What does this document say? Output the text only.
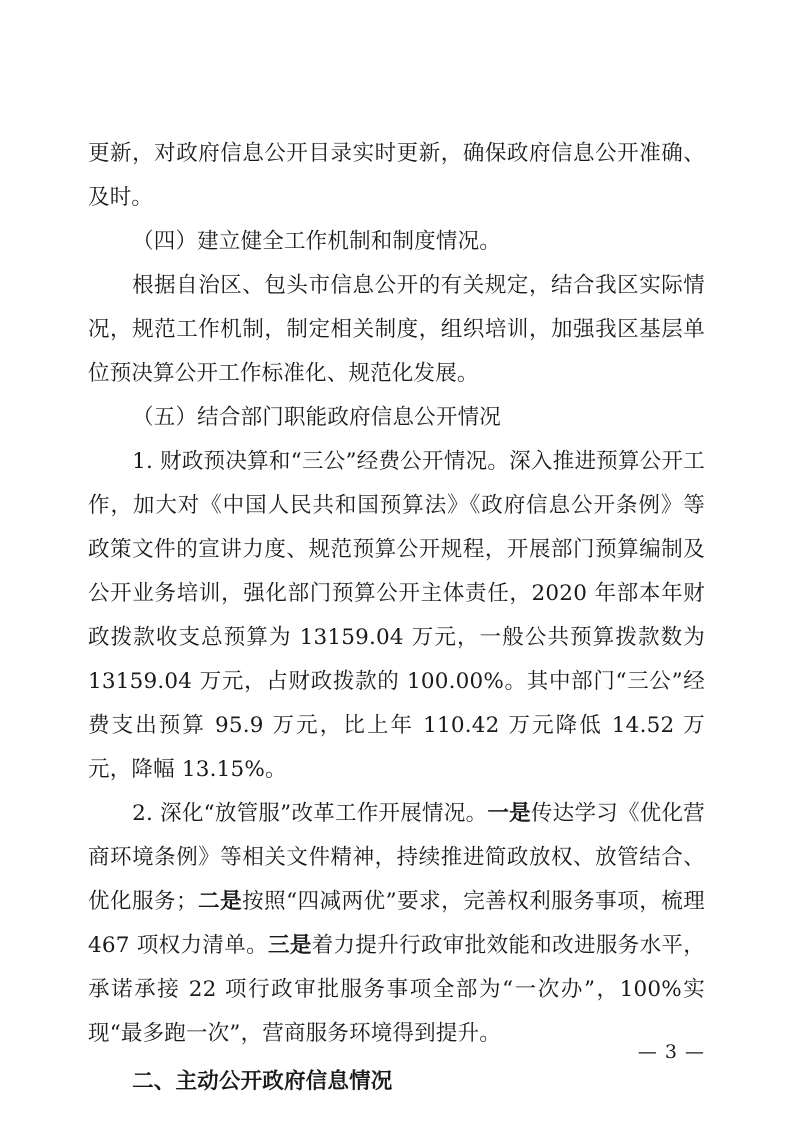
更新，对政府信息公开目录实时更新，确保政府信息公开准确、及时。

（四）建立健全工作机制和制度情况。

根据自治区、包头市信息公开的有关规定，结合我区实际情况，规范工作机制，制定相关制度，组织培训，加强我区基层单位预决算公开工作标准化、规范化发展。

（五）结合部门职能政府信息公开情况

1. 财政预决算和“三公”经费公开情况。深入推进预算公开工作，加大对《中国人民共和国预算法》《政府信息公开条例》等政策文件的宣讲力度、规范预算公开规程，开展部门预算编制及公开业务培训，强化部门预算公开主体责任，2020 年部本年财政拨款收支总预算为 13159.04 万元，一般公共预算拨款数为 13159.04 万元，占财政拨款的 100.00%。其中部门“三公”经费支出预算 95.9 万元，比上年 110.42 万元降低 14.52 万元，降幅 13.15%。

2. 深化“放管服”改革工作开展情况。一是传达学习《优化营商环境条例》等相关文件精神，持续推进简政放权、放管结合、优化服务；二是按照“四减两优”要求，完善权利服务事项，梳理 467 项权力清单。三是着力提升行政审批效能和改进服务水平，承诺承接 22 项行政审批服务事项全部为“一次办”，100%实现“最多跑一次”，营商服务环境得到提升。

二、主动公开政府信息情况

— 3 —
